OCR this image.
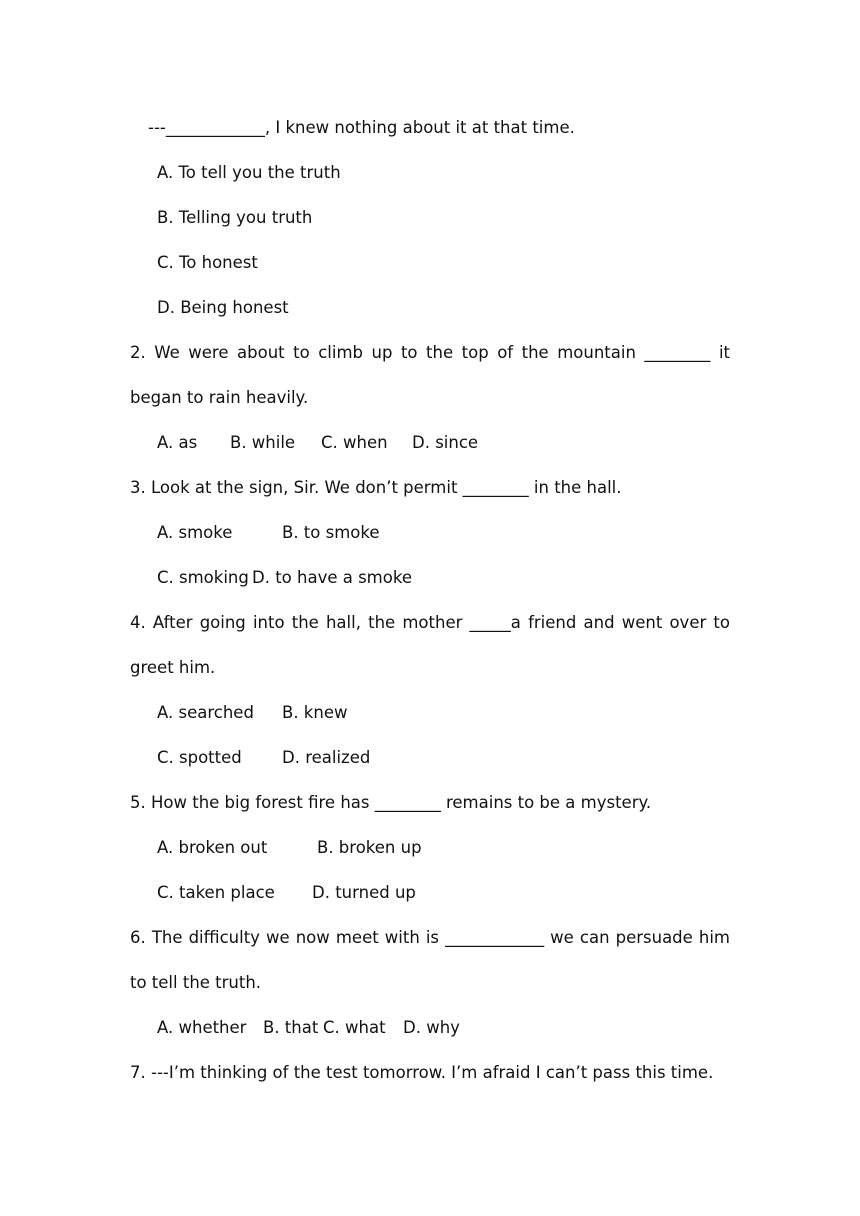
---____________, I knew nothing about it at that time.
A. To tell you the truth
B. Telling you truth
C. To honest
D. Being honest
2. We were about to climb up to the top of the mountain ________ it
began to rain heavily.
A. as B. while C. when D. since
3. Look at the sign, Sir. We don’t permit ________ in the hall.
A. smoke	B. to smoke
C. smoking D. to have a smoke
4. After going into the hall, the mother _____a friend and went over to
greet him.
A. searched B. knew
C. spotted D. realized
5. How the big forest fire has ________ remains to be a mystery.
A. broken out	B. broken up
C. taken place D. turned up
6. The difficulty we now meet with is ____________ we can persuade him
to tell the truth.
A. whether B. that C. what D. why
7. ---I’m thinking of the test tomorrow. I’m afraid I can’t pass this time.
